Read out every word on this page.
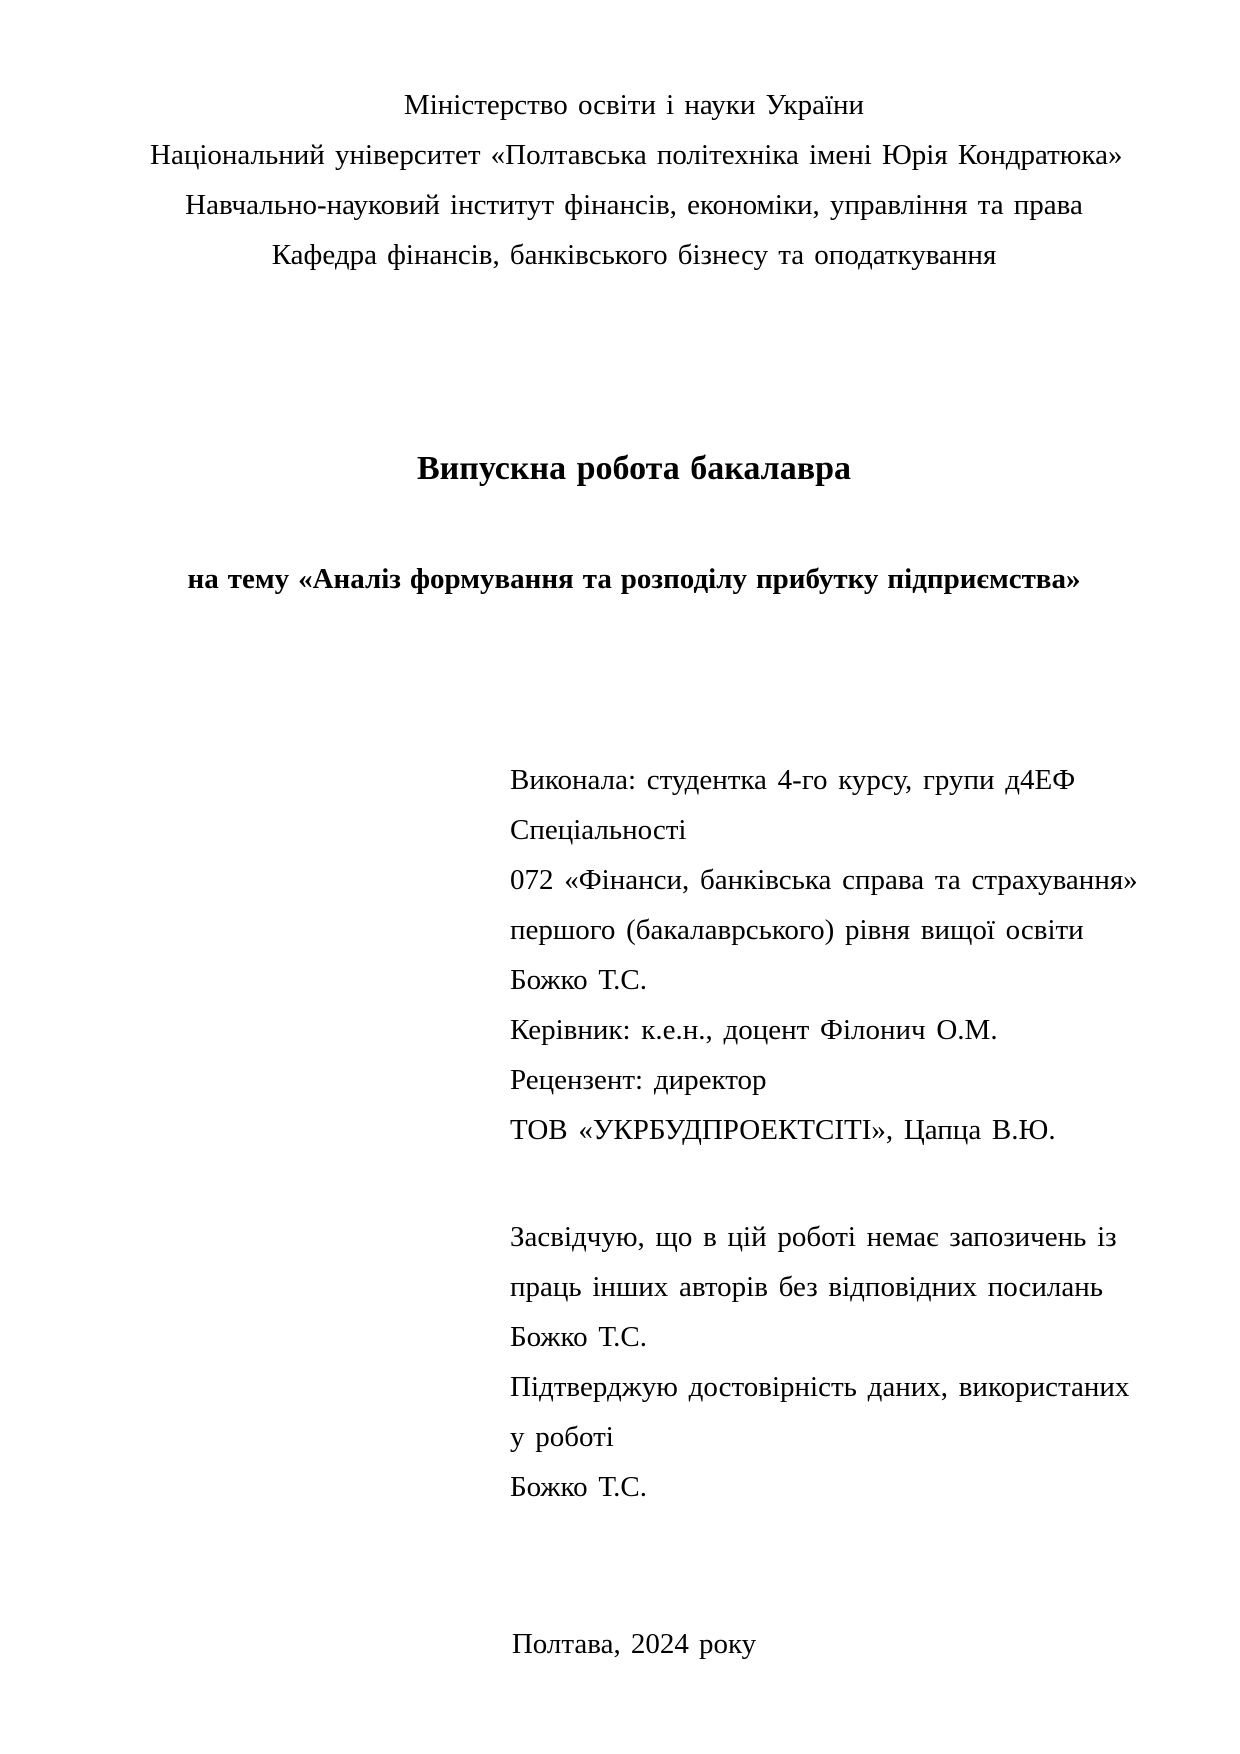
Міністерство освіти і науки України
Національний університет «Полтавська політехніка імені Юрія Кондратюка»
Навчально-науковий інститут фінансів, економіки, управління та права
Кафедра фінансів, банківського бізнесу та оподаткування
Випускна робота бакалавра
на тему «Аналіз формування та розподілу прибутку підприємства»
Виконала: студентка 4-го курсу, групи д4ЕФ
Спеціальності
072 «Фінанси, банківська справа та страхування»
першого (бакалаврського) рівня вищої освіти
Божко Т.С.
Керівник: к.е.н., доцент Філонич О.М.
Рецензент: директор
ТОВ «УКРБУДПРОЕКТСІТІ», Цапца В.Ю.
Засвідчую, що в цій роботі немає запозичень із
праць інших авторів без відповідних посилань
Божко Т.С.
Підтверджую достовірність даних, використаних
у роботі
Божко Т.С.
Полтава, 2024 року
